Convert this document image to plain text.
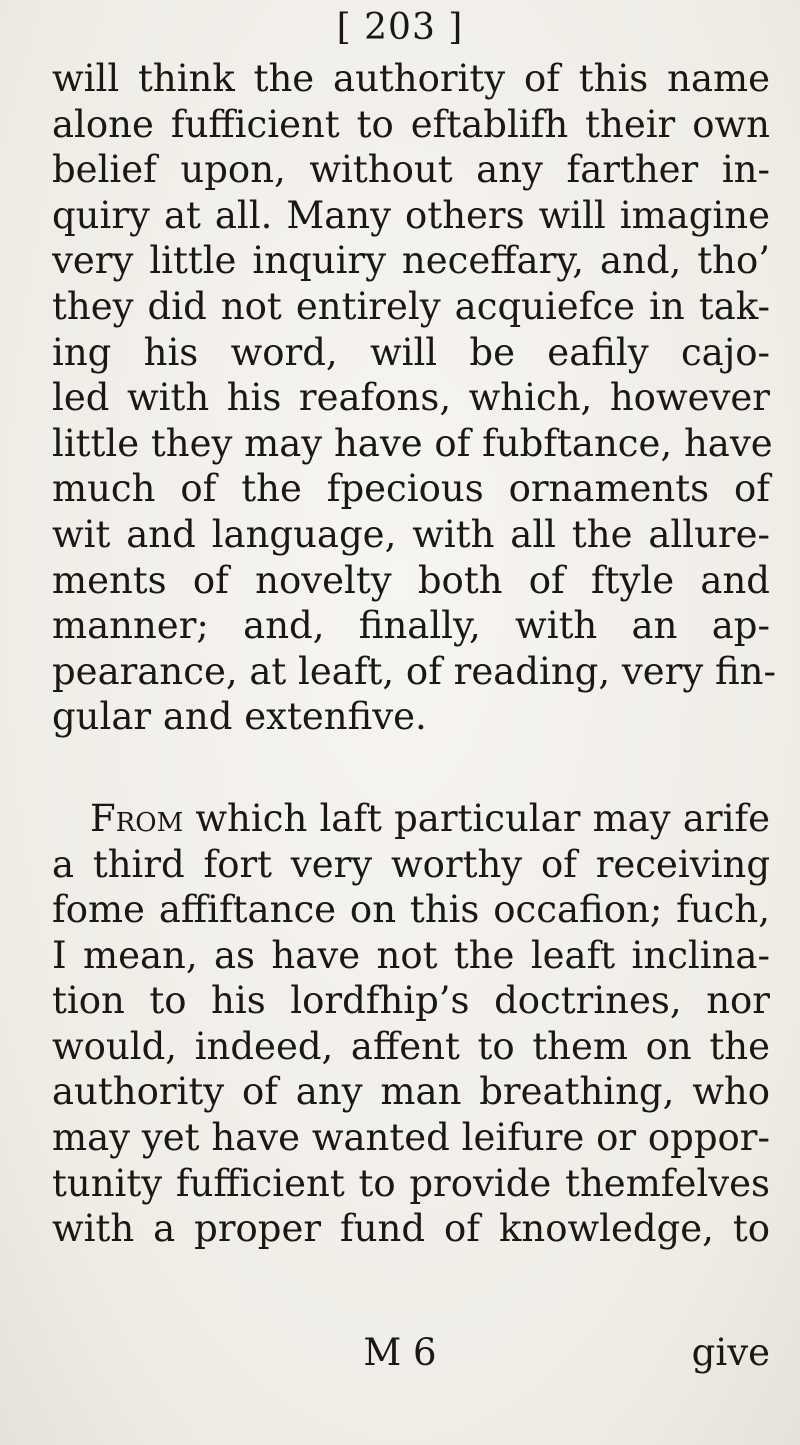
[ 203 ]
will think the authority of this name
alone fufficient to eftablifh their own
belief upon, without any farther in-
quiry at all. Many others will imagine
very little inquiry neceffary, and, tho’
they did not entirely acquiefce in tak-
ing his word, will be eafily cajo-
led with his reafons, which, however
little they may have of fubftance, have
much of the fpecious ornaments of
wit and language, with all the allure-
ments of novelty both of ftyle and
manner; and, finally, with an ap-
pearance, at leaft, of reading, very fin-
gular and extenfive.
From which laft particular may arife
a third fort very worthy of receiving
fome affiftance on this occafion; fuch,
I mean, as have not the leaft inclina-
tion to his lordfhip’s doctrines, nor
would, indeed, affent to them on the
authority of any man breathing, who
may yet have wanted leifure or oppor-
tunity fufficient to provide themfelves
with a proper fund of knowledge, to
M 6	give
